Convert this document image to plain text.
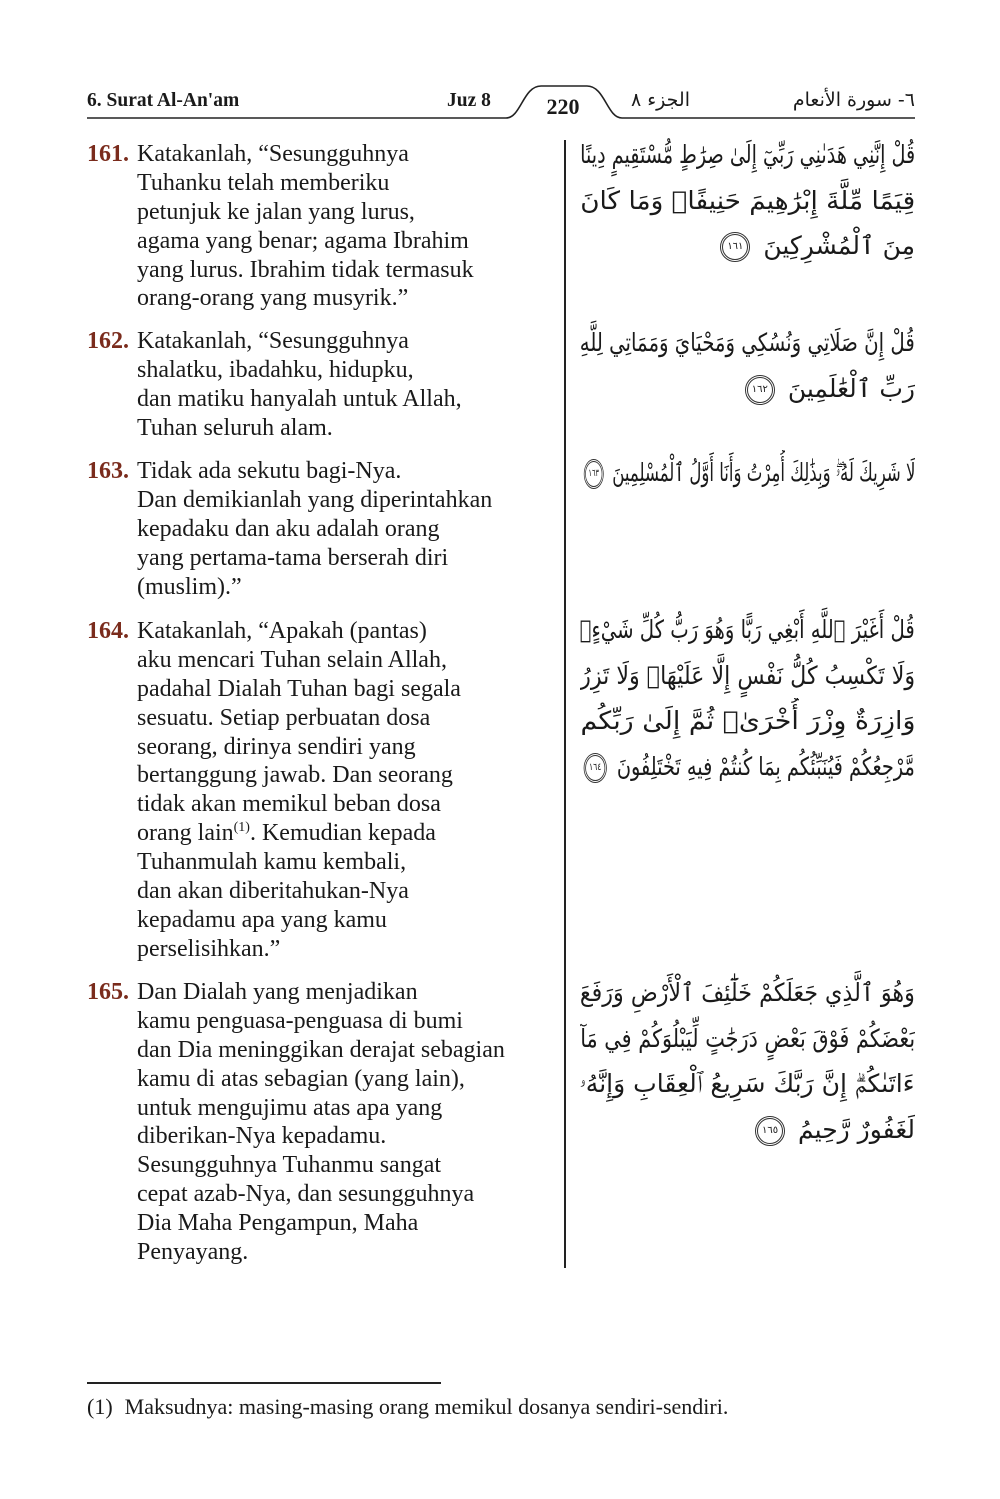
6. Surat Al-An'am	Juz 8	220	الجزء ٨	٦- سورة الأنعام
161. Katakanlah, “Sesungguhnya
Tuhanku telah memberiku
petunjuk ke jalan yang lurus,
agama yang benar; agama Ibrahim
yang lurus. Ibrahim tidak termasuk
orang-orang yang musyrik.”
162. Katakanlah, “Sesungguhnya
shalatku, ibadahku, hidupku,
dan matiku hanyalah untuk Allah,
Tuhan seluruh alam.
163. Tidak ada sekutu bagi-Nya.
Dan demikianlah yang diperintahkan
kepadaku dan aku adalah orang
yang pertama-tama berserah diri
(muslim).”
164. Katakanlah, “Apakah (pantas)
aku mencari Tuhan selain Allah,
padahal Dialah Tuhan bagi segala
sesuatu. Setiap perbuatan dosa
seorang, dirinya sendiri yang
bertanggung jawab. Dan seorang
tidak akan memikul beban dosa
orang lain$^{(1)}$. Kemudian kepada
Tuhanmulah kamu kembali,
dan akan diberitahukan-Nya
kepadamu apa yang kamu
perselisihkan.”
165. Dan Dialah yang menjadikan
kamu penguasa-penguasa di bumi
dan Dia meninggikan derajat sebagian
kamu di atas sebagian (yang lain),
untuk mengujimu atas apa yang
diberikan-Nya kepadamu.
Sesungguhnya Tuhanmu sangat
cepat azab-Nya, dan sesungguhnya
Dia Maha Pengampun, Maha
Penyayang.
قُلْ إِنَّنِي هَدَىٰنِي رَبِّيٓ إِلَىٰ صِرَٰطٍ مُّسْتَقِيمٍ دِينًا
قِيَمًا مِّلَّةَ إِبْرَٰهِيمَ حَنِيفًاۚ وَمَا كَانَ
مِنَ ٱلْمُشْرِكِينَ ١٦١
قُلْ إِنَّ صَلَاتِي وَنُسُكِي وَمَحْيَايَ وَمَمَاتِي لِلَّهِ
رَبِّ ٱلْعَٰلَمِينَ ١٦٢
لَا شَرِيكَ لَهُۥۖ وَبِذَٰلِكَ أُمِرْتُ وَأَنَا أَوَّلُ ٱلْمُسْلِمِينَ ١٦٣
قُلْ أَغَيْرَ ٱللَّهِ أَبْغِي رَبًّا وَهُوَ رَبُّ كُلِّ شَيْءٍۚ
وَلَا تَكْسِبُ كُلُّ نَفْسٍ إِلَّا عَلَيْهَاۚ وَلَا تَزِرُ
وَازِرَةٌ وِزْرَ أُخْرَىٰۚ ثُمَّ إِلَىٰ رَبِّكُم
مَّرْجِعُكُمْ فَيُنَبِّئُكُم بِمَا كُنتُمْ فِيهِ تَخْتَلِفُونَ ١٦٤
وَهُوَ ٱلَّذِي جَعَلَكُمْ خَلَٰٓئِفَ ٱلْأَرْضِ وَرَفَعَ
بَعْضَكُمْ فَوْقَ بَعْضٍ دَرَجَٰتٍ لِّيَبْلُوَكُمْ فِي مَآ
ءَاتَىٰكُمْۗ إِنَّ رَبَّكَ سَرِيعُ ٱلْعِقَابِ وَإِنَّهُۥ
لَغَفُورٌ رَّحِيمُ ١٦٥
(1) Maksudnya: masing-masing orang memikul dosanya sendiri-sendiri.
